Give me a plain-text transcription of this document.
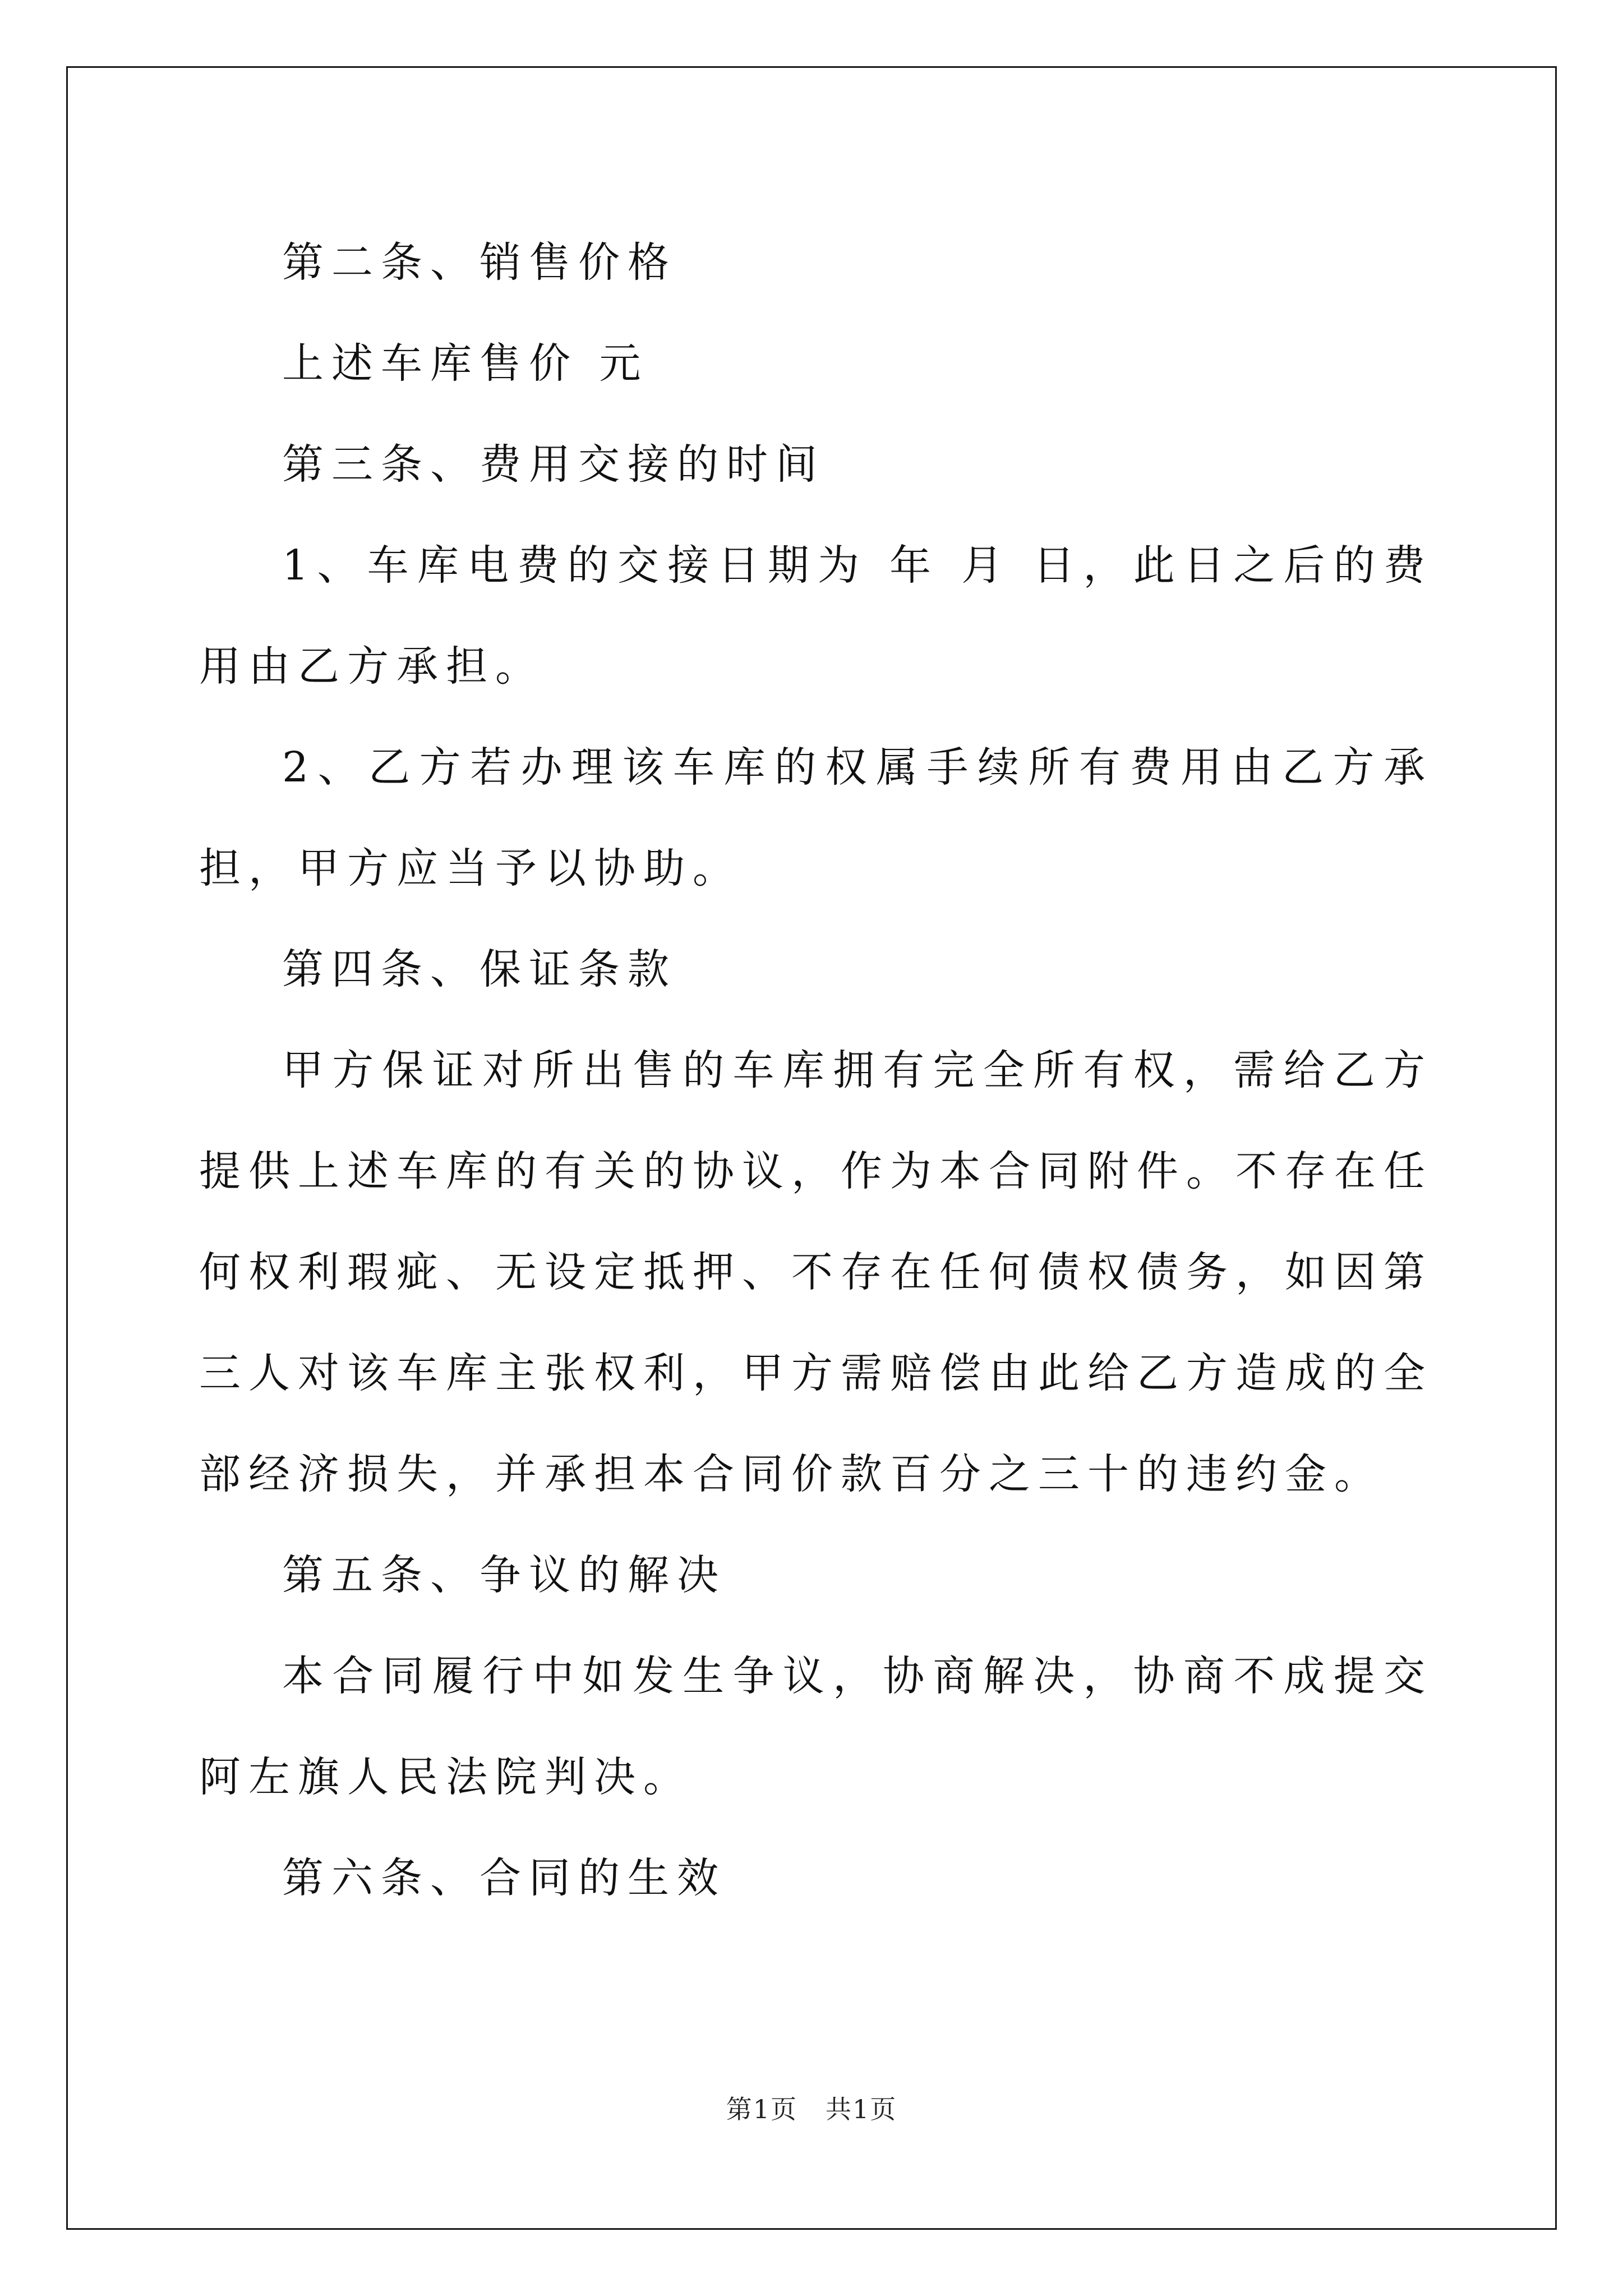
第二条、销售价格

上述车库售价 元

第三条、费用交接的时间

1、车库电费的交接日期为 年 月 日，此日之后的费用由乙方承担。

2、乙方若办理该车库的权属手续所有费用由乙方承担，甲方应当予以协助。

第四条、保证条款

甲方保证对所出售的车库拥有完全所有权，需给乙方提供上述车库的有关的协议，作为本合同附件。不存在任何权利瑕疵、无设定抵押、不存在任何债权债务，如因第三人对该车库主张权利，甲方需赔偿由此给乙方造成的全部经济损失，并承担本合同价款百分之三十的违约金。

第五条、争议的解决

本合同履行中如发生争议，协商解决，协商不成提交阿左旗人民法院判决。

第六条、合同的生效

第1页 共1页
